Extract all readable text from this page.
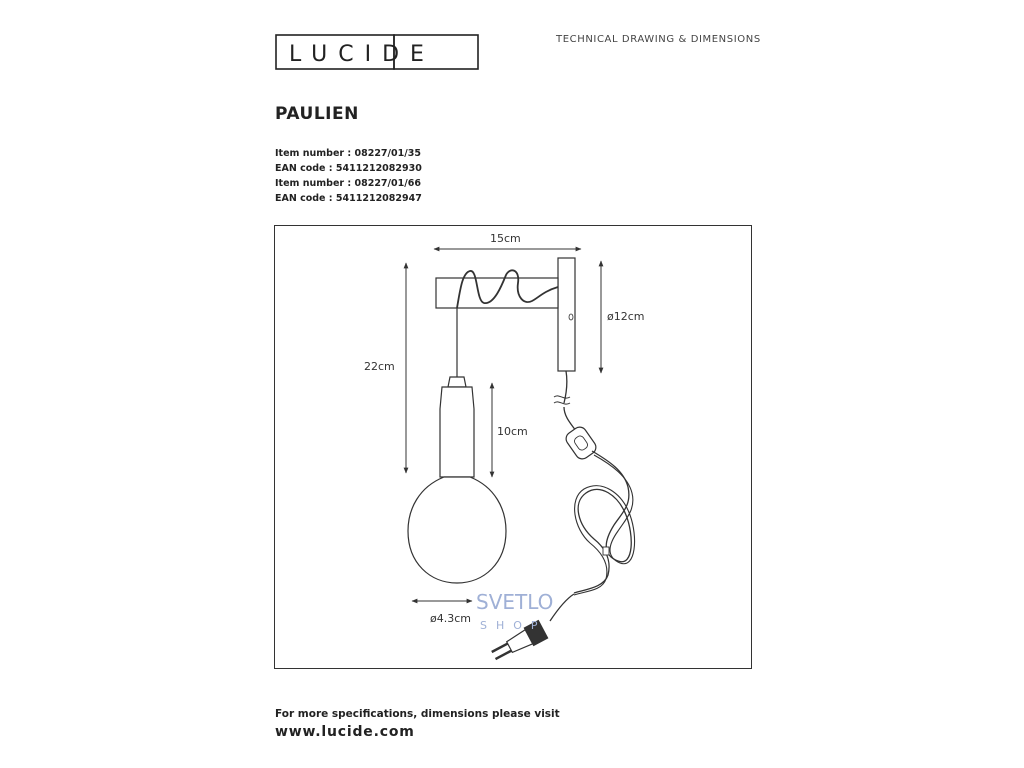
LUCIDE
TECHNICAL DRAWING & DIMENSIONS
PAULIEN
Item number : 08227/01/35
EAN code : 5411212082930
Item number : 08227/01/66
EAN code : 5411212082947
15cm
22cm
ø12cm
10cm
ø4.3cm
SVETLO
SHOP
For more specifications, dimensions please visit
www.lucide.com
